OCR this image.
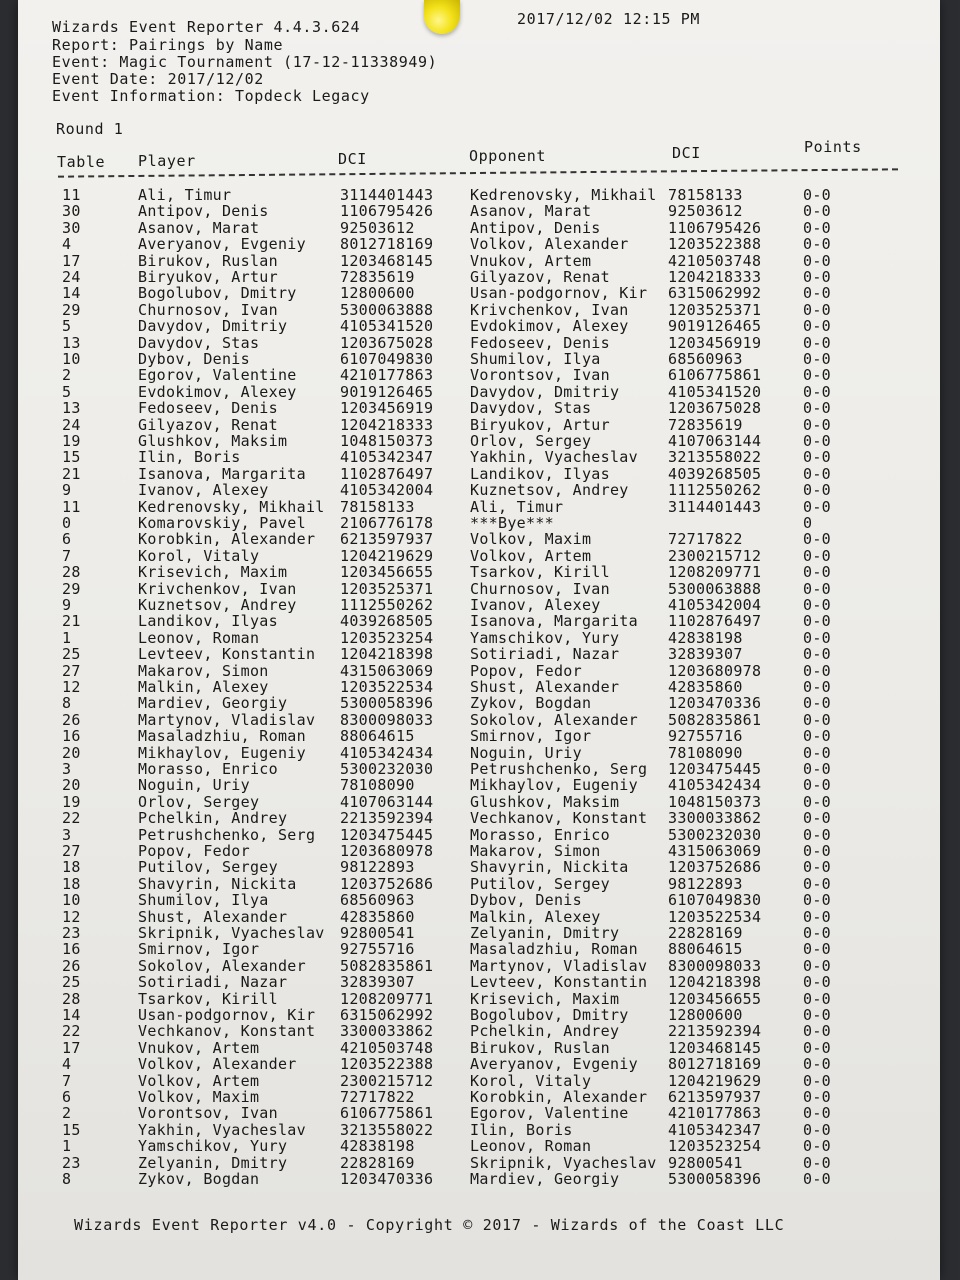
Wizards Event Reporter 4.4.3.624
Report: Pairings by Name
Event: Magic Tournament (17-12-11338949)
Event Date: 2017/12/02
Event Information: Topdeck Legacy
2017/12/02 12:15 PM
Round 1
Table Player	DCI	Opponent	DCI	Points
11	Ali, Timur	3114401443 Kedrenovsky, Mikhail 78158133	0-0
30	Antipov, Denis	1106795426 Asanov, Marat	92503612	0-0
30	Asanov, Marat	92503612	Antipov, Denis	1106795426	0-0
4	Averyanov, Evgeniy 8012718169 Volkov, Alexander	1203522388	0-0
17	Birukov, Ruslan	1203468145 Vnukov, Artem	4210503748	0-0
24	Biryukov, Artur	72835619	Gilyazov, Renat	1204218333	0-0
14	Bogolubov, Dmitry	12800600	Usan-podgornov, Kir 6315062992	0-0
29	Churnosov, Ivan	5300063888 Krivchenkov, Ivan	1203525371	0-0
5	Davydov, Dmitriy	4105341520 Evdokimov, Alexey	9019126465	0-0
13	Davydov, Stas	1203675028 Fedoseev, Denis	1203456919	0-0
10	Dybov, Denis	6107049830 Shumilov, Ilya	68560963	0-0
2	Egorov, Valentine	4210177863 Vorontsov, Ivan	6106775861	0-0
5	Evdokimov, Alexey	9019126465 Davydov, Dmitriy	4105341520	0-0
13	Fedoseev, Denis	1203456919 Davydov, Stas	1203675028	0-0
24	Gilyazov, Renat	1204218333 Biryukov, Artur	72835619	0-0
19	Glushkov, Maksim	1048150373 Orlov, Sergey	4107063144	0-0
15	Ilin, Boris	4105342347 Yakhin, Vyacheslav 3213558022	0-0
21	Isanova, Margarita 1102876497 Landikov, Ilyas	4039268505	0-0
9	Ivanov, Alexey	4105342004 Kuznetsov, Andrey	1112550262	0-0
11	Kedrenovsky, Mikhail 78158133	Ali, Timur	3114401443	0-0
0	Komarovskiy, Pavel 2106776178 ***Bye***	0
6	Korobkin, Alexander 6213597937 Volkov, Maxim	72717822	0-0
7	Korol, Vitaly	1204219629 Volkov, Artem	2300215712	0-0
28	Krisevich, Maxim	1203456655 Tsarkov, Kirill	1208209771	0-0
29	Krivchenkov, Ivan	1203525371 Churnosov, Ivan	5300063888	0-0
9	Kuznetsov, Andrey	1112550262 Ivanov, Alexey	4105342004	0-0
21	Landikov, Ilyas	4039268505 Isanova, Margarita 1102876497	0-0
1	Leonov, Roman	1203523254 Yamschikov, Yury	42838198	0-0
25	Levteev, Konstantin 1204218398 Sotiriadi, Nazar	32839307	0-0
27	Makarov, Simon	4315063069 Popov, Fedor	1203680978	0-0
12	Malkin, Alexey	1203522534 Shust, Alexander	42835860	0-0
8	Mardiev, Georgiy	5300058396 Zykov, Bogdan	1203470336	0-0
26	Martynov, Vladislav 8300098033 Sokolov, Alexander 5082835861	0-0
16	Masaladzhiu, Roman 88064615	Smirnov, Igor	92755716	0-0
20	Mikhaylov, Eugeniy 4105342434 Noguin, Uriy	78108090	0-0
3	Morasso, Enrico	5300232030 Petrushchenko, Serg 1203475445	0-0
20	Noguin, Uriy	78108090	Mikhaylov, Eugeniy 4105342434	0-0
19	Orlov, Sergey	4107063144 Glushkov, Maksim	1048150373	0-0
22	Pchelkin, Andrey	2213592394 Vechkanov, Konstant 3300033862	0-0
3	Petrushchenko, Serg 1203475445 Morasso, Enrico	5300232030	0-0
27	Popov, Fedor	1203680978 Makarov, Simon	4315063069	0-0
18	Putilov, Sergey	98122893	Shavyrin, Nickita	1203752686	0-0
18	Shavyrin, Nickita	1203752686 Putilov, Sergey	98122893	0-0
10	Shumilov, Ilya	68560963	Dybov, Denis	6107049830	0-0
12	Shust, Alexander	42835860	Malkin, Alexey	1203522534	0-0
23	Skripnik, Vyacheslav 92800541	Zelyanin, Dmitry	22828169	0-0
16	Smirnov, Igor	92755716	Masaladzhiu, Roman 88064615	0-0
26	Sokolov, Alexander 5082835861 Martynov, Vladislav 8300098033	0-0
25	Sotiriadi, Nazar	32839307	Levteev, Konstantin 1204218398	0-0
28	Tsarkov, Kirill	1208209771 Krisevich, Maxim	1203456655	0-0
14	Usan-podgornov, Kir 6315062992 Bogolubov, Dmitry	12800600	0-0
22	Vechkanov, Konstant 3300033862 Pchelkin, Andrey	2213592394	0-0
17	Vnukov, Artem	4210503748 Birukov, Ruslan	1203468145	0-0
4	Volkov, Alexander	1203522388 Averyanov, Evgeniy 8012718169	0-0
7	Volkov, Artem	2300215712 Korol, Vitaly	1204219629	0-0
6	Volkov, Maxim	72717822	Korobkin, Alexander 6213597937	0-0
2	Vorontsov, Ivan	6106775861 Egorov, Valentine	4210177863	0-0
15	Yakhin, Vyacheslav 3213558022 Ilin, Boris	4105342347	0-0
1	Yamschikov, Yury	42838198	Leonov, Roman	1203523254	0-0
23	Zelyanin, Dmitry	22828169	Skripnik, Vyacheslav 92800541	0-0
8	Zykov, Bogdan	1203470336 Mardiev, Georgiy	5300058396	0-0
Wizards Event Reporter v4.0 - Copyright © 2017 - Wizards of the Coast LLC
